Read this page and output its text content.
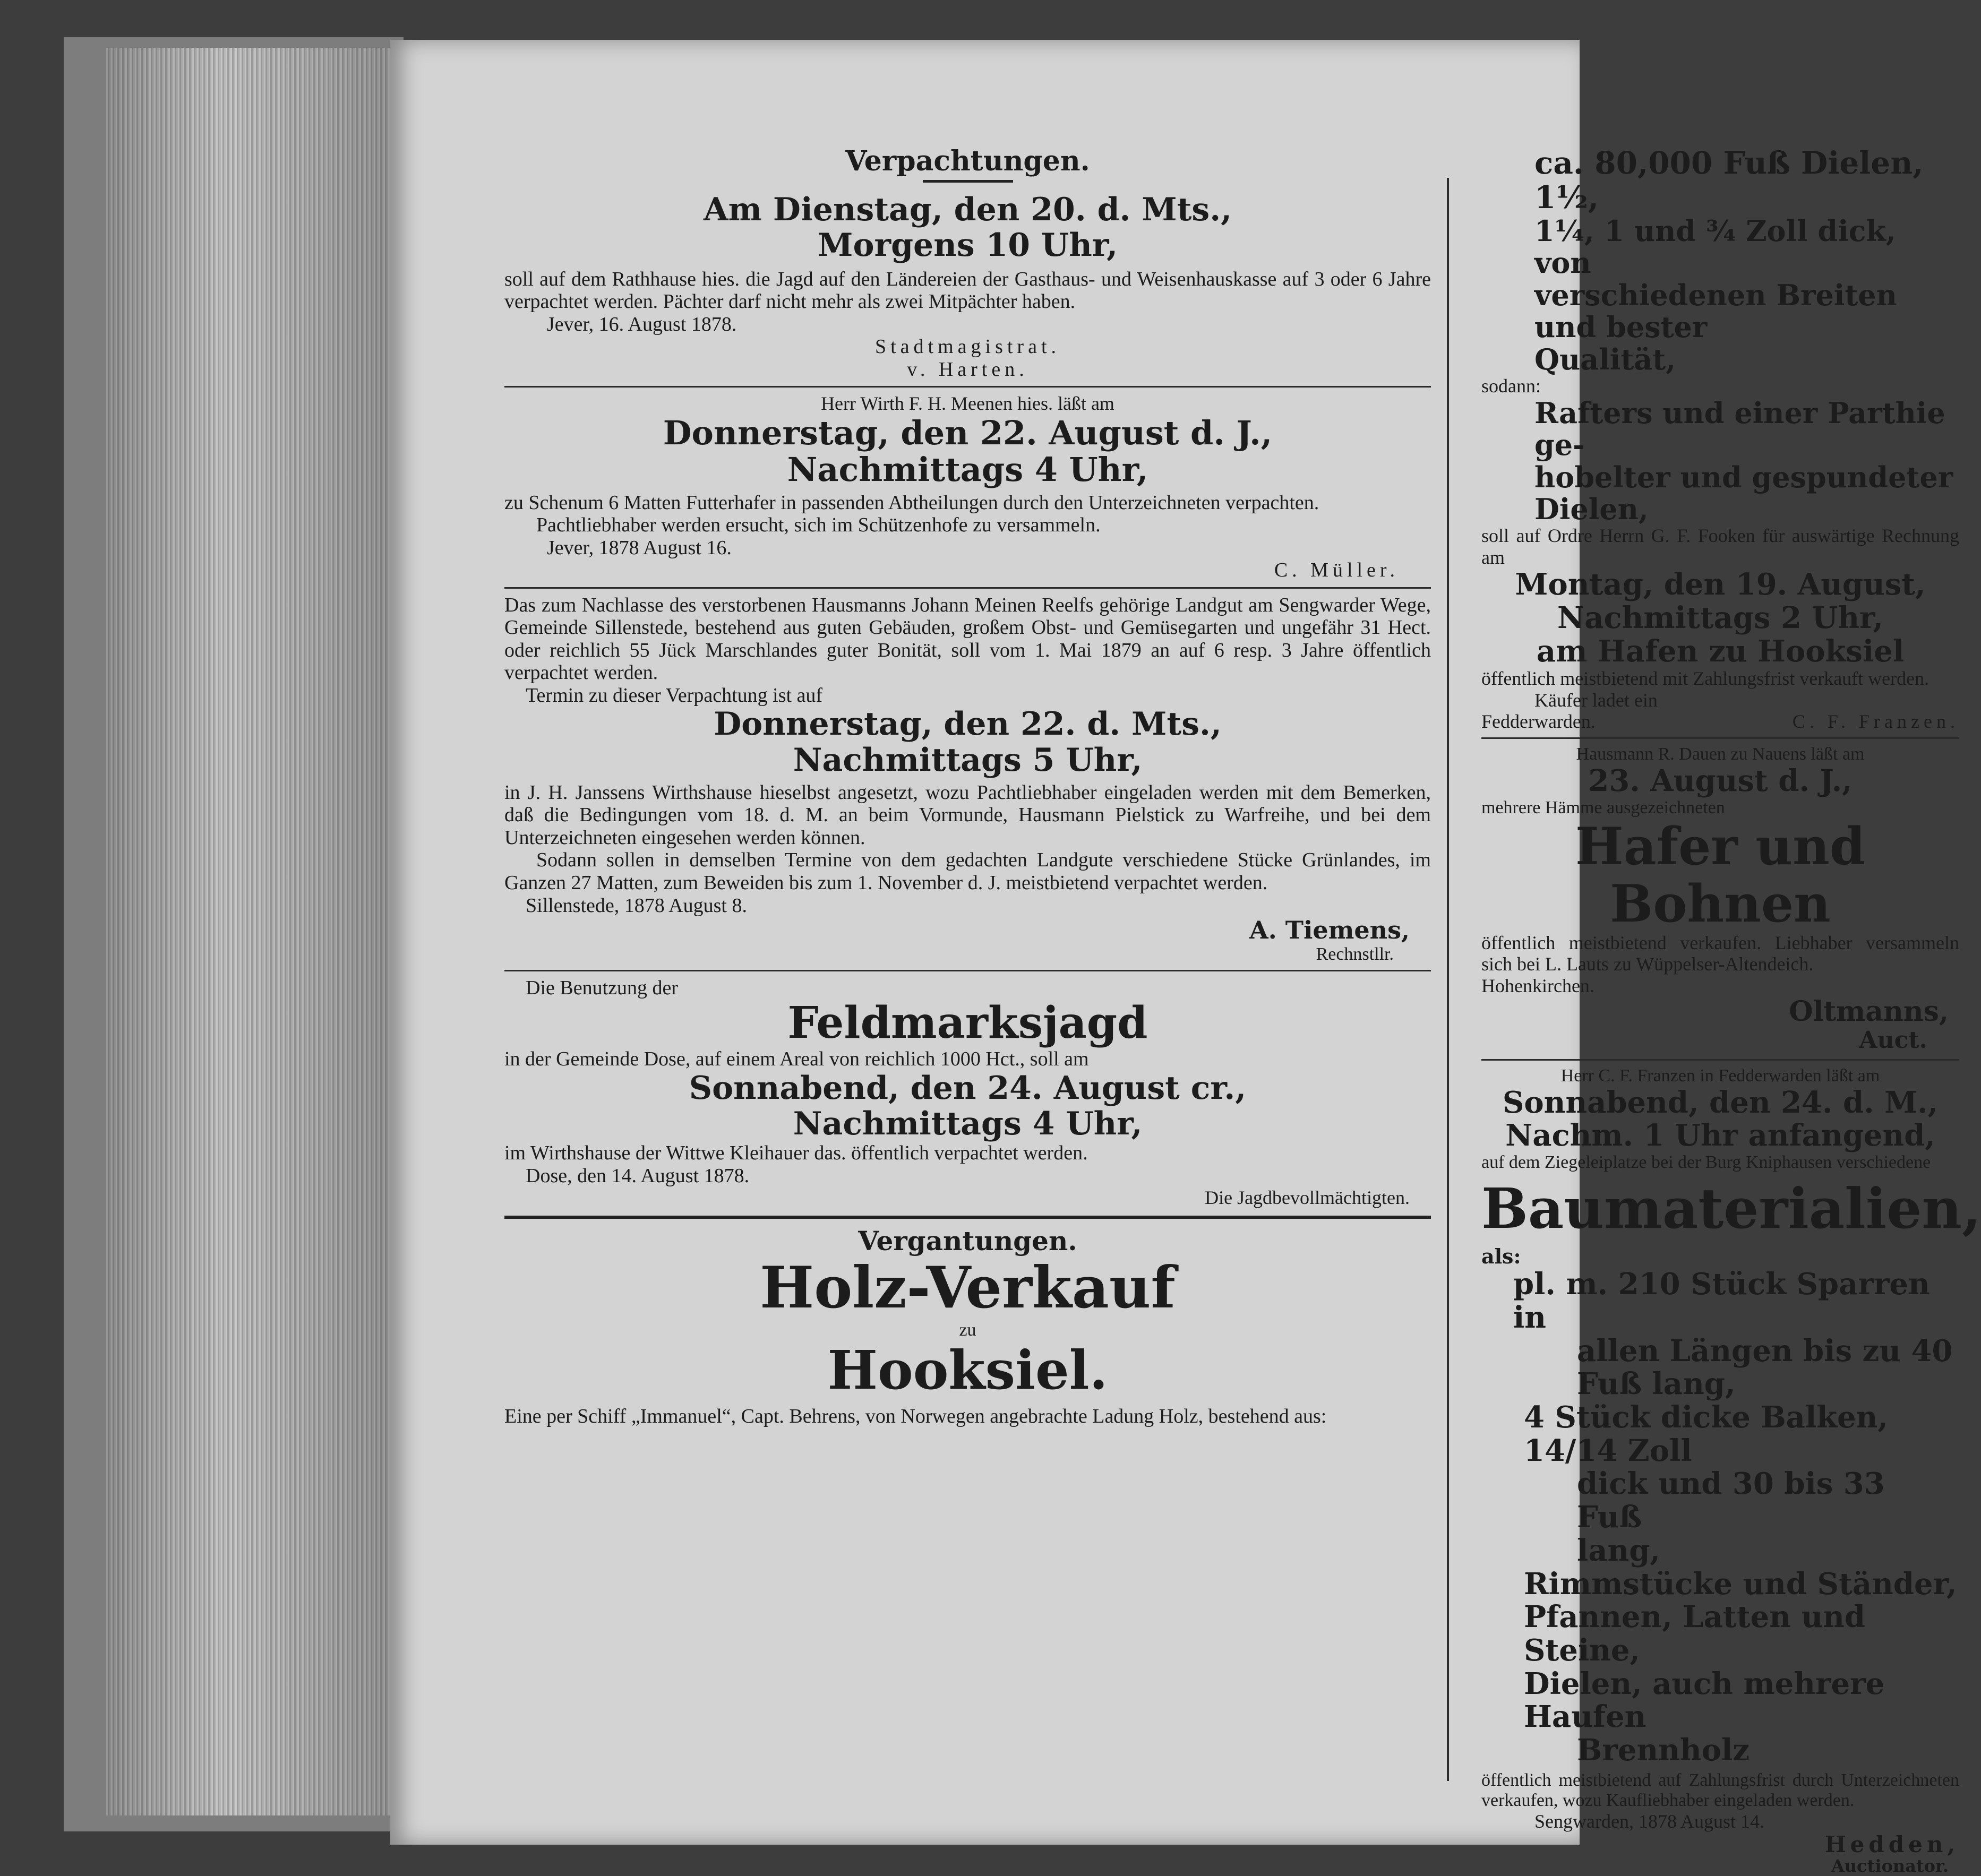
Verpachtungen.
Am Dienstag, den 20. d. Mts.,
Morgens 10 Uhr,
soll auf dem Rathhause hies. die Jagd auf den Ländereien der Gasthaus- und Weisenhauskasse auf 3 oder 6 Jahre verpachtet werden. Pächter darf nicht mehr als zwei Mitpächter haben.
Jever, 16. August 1878.
Stadtmagistrat.
v. Harten.
Herr Wirth F. H. Meenen hies. läßt am
Donnerstag, den 22. August d. J.,
Nachmittags 4 Uhr,
zu Schenum 6 Matten Futterhafer in passenden Abtheilungen durch den Unterzeichneten verpachten.
Pachtliebhaber werden ersucht, sich im Schützenhofe zu versammeln.
Jever, 1878 August 16.
C. Müller.
Das zum Nachlasse des verstorbenen Hausmanns Johann Meinen Reelfs gehörige Landgut am Sengwarder Wege, Gemeinde Sillenstede, bestehend aus guten Gebäuden, großem Obst- und Gemüsegarten und ungefähr 31 Hect. oder reichlich 55 Jück Marschlandes guter Bonität, soll vom 1. Mai 1879 an auf 6 resp. 3 Jahre öffentlich verpachtet werden.
Termin zu dieser Verpachtung ist auf
Donnerstag, den 22. d. Mts.,
Nachmittags 5 Uhr,
in J. H. Janssens Wirthshause hieselbst angesetzt, wozu Pachtliebhaber eingeladen werden mit dem Bemerken, daß die Bedingungen vom 18. d. M. an beim Vormunde, Hausmann Pielstick zu Warfreihe, und bei dem Unterzeichneten eingesehen werden können.
Sodann sollen in demselben Termine von dem gedachten Landgute verschiedene Stücke Grünlandes, im Ganzen 27 Matten, zum Beweiden bis zum 1. November d. J. meistbietend verpachtet werden.
Sillenstede, 1878 August 8.
A. Tiemens,
Rechnstllr.
Die Benutzung der
Feldmarksjagd
in der Gemeinde Dose, auf einem Areal von reichlich 1000 Hct., soll am
Sonnabend, den 24. August cr.,
Nachmittags 4 Uhr,
im Wirthshause der Wittwe Kleihauer das. öffentlich verpachtet werden.
Dose, den 14. August 1878.
Die Jagdbevollmächtigten.
Vergantungen.
Holz-Verkauf
zu
Hooksiel.
Eine per Schiff „Immanuel“, Capt. Behrens, von Norwegen angebrachte Ladung Holz, bestehend aus:
ca. 80,000 Fuß Dielen, 1½,
1¼, 1 und ¾ Zoll dick, von
verschiedenen Breiten und bester
Qualität,
sodann:
Rafters und einer Parthie ge-
hobelter und gespundeter Dielen,
soll auf Ordre Herrn G. F. Fooken für auswärtige Rechnung am
Montag, den 19. August,
Nachmittags 2 Uhr,
am Hafen zu Hooksiel
öffentlich meistbietend mit Zahlungsfrist verkauft werden.
Käufer ladet ein
Fedderwarden.	C. F. Franzen.
Hausmann R. Dauen zu Nauens läßt am
23. August d. J.,
mehrere Hämme ausgezeichneten
Hafer und Bohnen
öffentlich meistbietend verkaufen. Liebhaber versammeln sich bei L. Lauts zu Wüppelser-Altendeich.
Hohenkirchen.
Oltmanns,
Auct.
Herr C. F. Franzen in Fedderwarden läßt am
Sonnabend, den 24. d. M.,
Nachm. 1 Uhr anfangend,
auf dem Ziegeleiplatze bei der Burg Kniphausen verschiedene
Baumaterialien,
als:
pl. m. 210 Stück Sparren in
allen Längen bis zu 40
Fuß lang,
4 Stück dicke Balken, 14/14 Zoll
dick und 30 bis 33 Fuß
lang,
Rimmstücke und Ständer,
Pfannen, Latten und Steine,
Dielen, auch mehrere Haufen
Brennholz
öffentlich meistbietend auf Zahlungsfrist durch Unterzeichneten verkaufen, wozu Kaufliebhaber eingeladen werden.
Sengwarden, 1878 August 14.
Hedden,
Auctionator.
